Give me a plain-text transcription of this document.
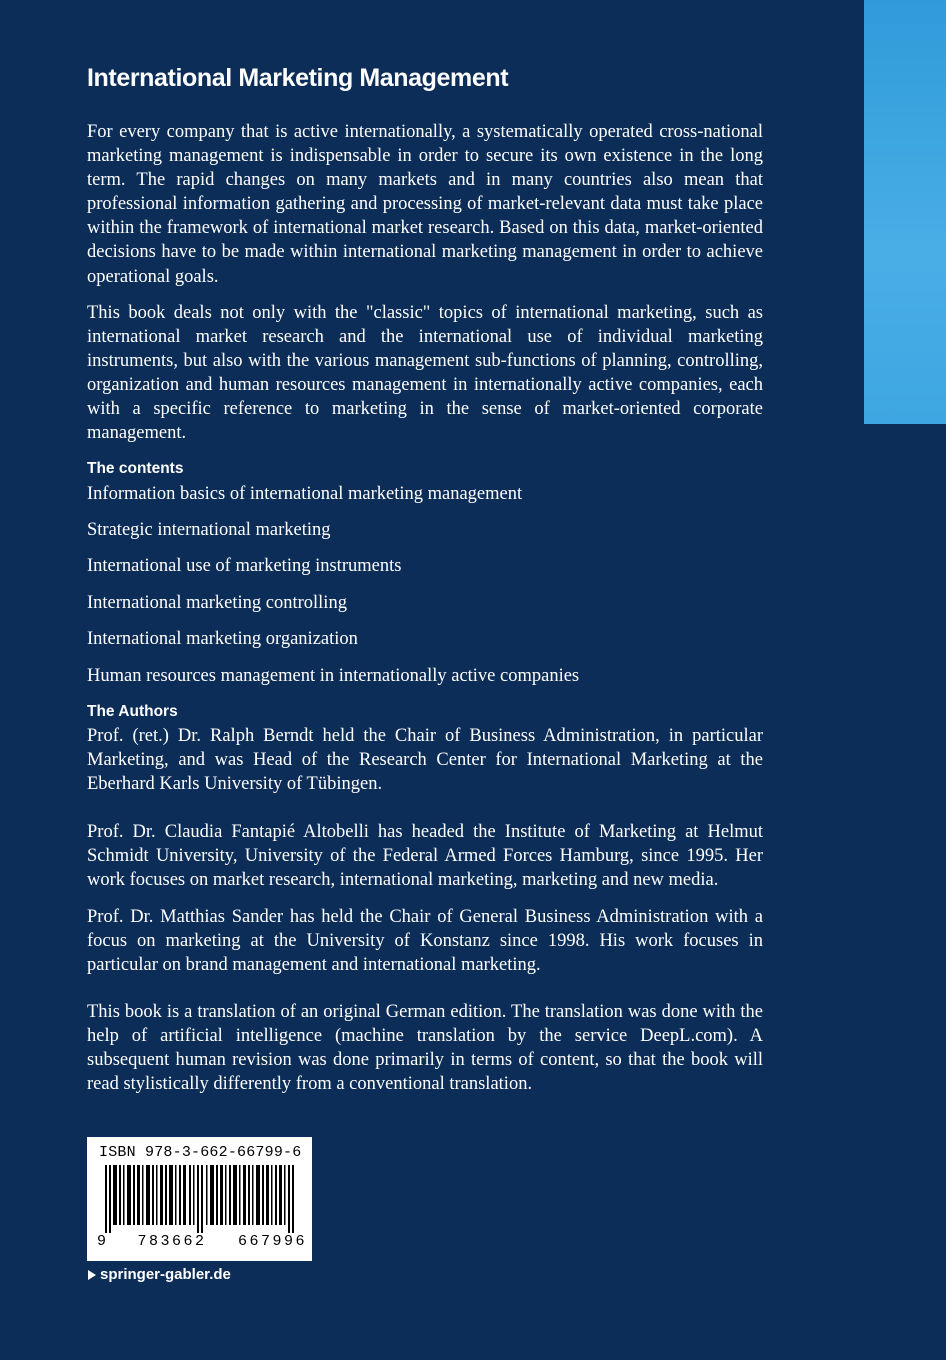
International Marketing Management

For every company that is active internationally, a systematically operated cross-national marketing management is indispensable in order to secure its own existence in the long term. The rapid changes on many markets and in many countries also mean that professional information gathering and processing of market-relevant data must take place within the framework of international market research. Based on this data, market-oriented decisions have to be made within international marketing management in order to achieve operational goals.

This book deals not only with the "classic" topics of international marketing, such as international market research and the international use of individual marketing instruments, but also with the various management sub-functions of planning, controlling, organization and human resources management in internationally active companies, each with a specific reference to marketing in the sense of market-oriented corporate management.

The contents

Information basics of international marketing management

Strategic international marketing

International use of marketing instruments

International marketing controlling

International marketing organization

Human resources management in internationally active companies

The Authors

Prof. (ret.) Dr. Ralph Berndt held the Chair of Business Administration, in particular Marketing, and was Head of the Research Center for International Marketing at the Eberhard Karls University of Tübingen.

Prof. Dr. Claudia Fantapié Altobelli has headed the Institute of Marketing at Helmut Schmidt University, University of the Federal Armed Forces Hamburg, since 1995. Her work focuses on market research, international marketing, marketing and new media.

Prof. Dr. Matthias Sander has held the Chair of General Business Administration with a focus on marketing at the University of Konstanz since 1998. His work focuses in particular on brand management and international marketing.

This book is a translation of an original German edition. The translation was done with the help of artificial intelligence (machine translation by the service DeepL.com). A subsequent human revision was done primarily in terms of content, so that the book will read stylistically differently from a conventional translation.

ISBN 978-3-662-66799-6
9 783662 667996
springer-gabler.de
